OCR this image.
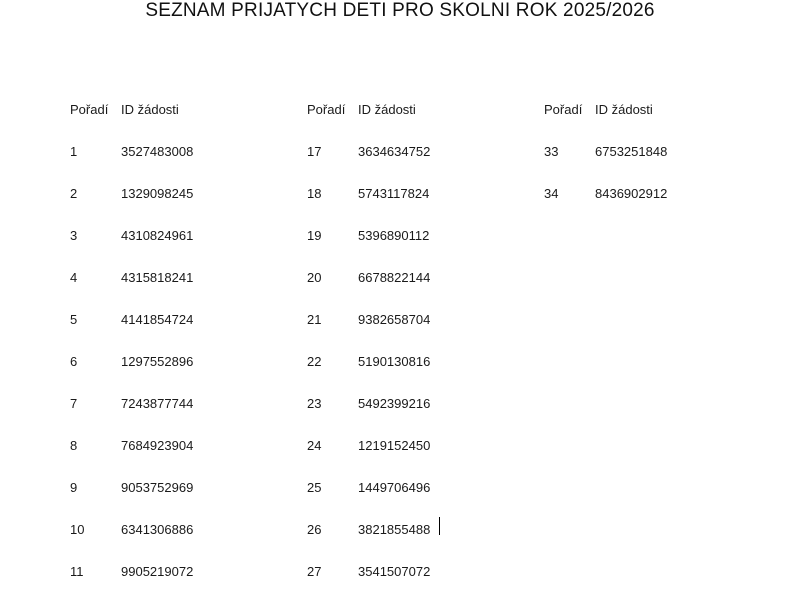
SEZNAM PRIJATYCH DETI PRO SKOLNI ROK 2025/2026
Pořadí ID žádosti
1	3527483008
2	1329098245
3	4310824961
4	4315818241
5	4141854724
6	1297552896
7	7243877744
8	7684923904
9	9053752969
10	6341306886
11	9905219072
Pořadí ID žádosti
17	3634634752
18	5743117824
19	5396890112
20	6678822144
21	9382658704
22	5190130816
23	5492399216
24	1219152450
25	1449706496
26	3821855488
27	3541507072
Pořadí ID žádosti
33	6753251848
34	8436902912
